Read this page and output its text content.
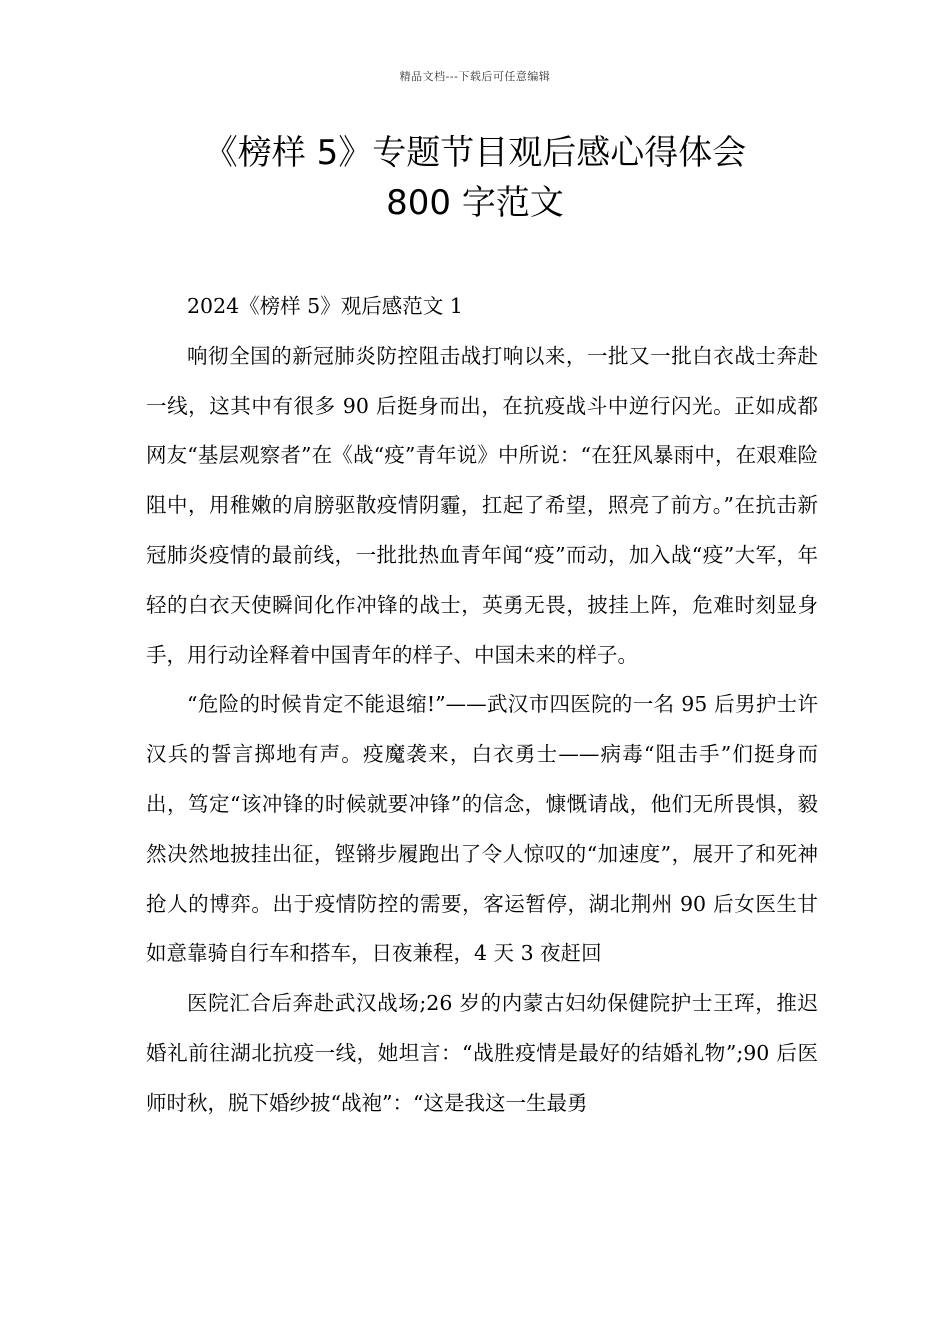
精品文档---下载后可任意编辑
《榜样 5》专题节目观后感心得体会
800 字范文

2024《榜样 5》观后感范文 1

响彻全国的新冠肺炎防控阻击战打响以来，一批又一批白衣战士奔赴一线，这其中有很多 90 后挺身而出，在抗疫战斗中逆行闪光。正如成都网友“基层观察者”在《战“疫”青年说》中所说：“在狂风暴雨中，在艰难险阻中，用稚嫩的肩膀驱散疫情阴霾，扛起了希望，照亮了前方。”在抗击新冠肺炎疫情的最前线，一批批热血青年闻“疫”而动，加入战“疫”大军，年轻的白衣天使瞬间化作冲锋的战士，英勇无畏，披挂上阵，危难时刻显身手，用行动诠释着中国青年的样子、中国未来的样子。

“危险的时候肯定不能退缩!”——武汉市四医院的一名 95 后男护士许汉兵的誓言掷地有声。疫魔袭来，白衣勇士——病毒“阻击手”们挺身而出，笃定“该冲锋的时候就要冲锋”的信念，慷慨请战，他们无所畏惧，毅然决然地披挂出征，铿锵步履跑出了令人惊叹的“加速度”，展开了和死神抢人的博弈。出于疫情防控的需要，客运暂停，湖北荆州 90 后女医生甘如意靠骑自行车和搭车，日夜兼程，4 天 3 夜赶回

医院汇合后奔赴武汉战场;26 岁的内蒙古妇幼保健院护士王珲，推迟婚礼前往湖北抗疫一线，她坦言：“战胜疫情是最好的结婚礼物”;90 后医师时秋，脱下婚纱披“战袍”：“这是我这一生最勇
